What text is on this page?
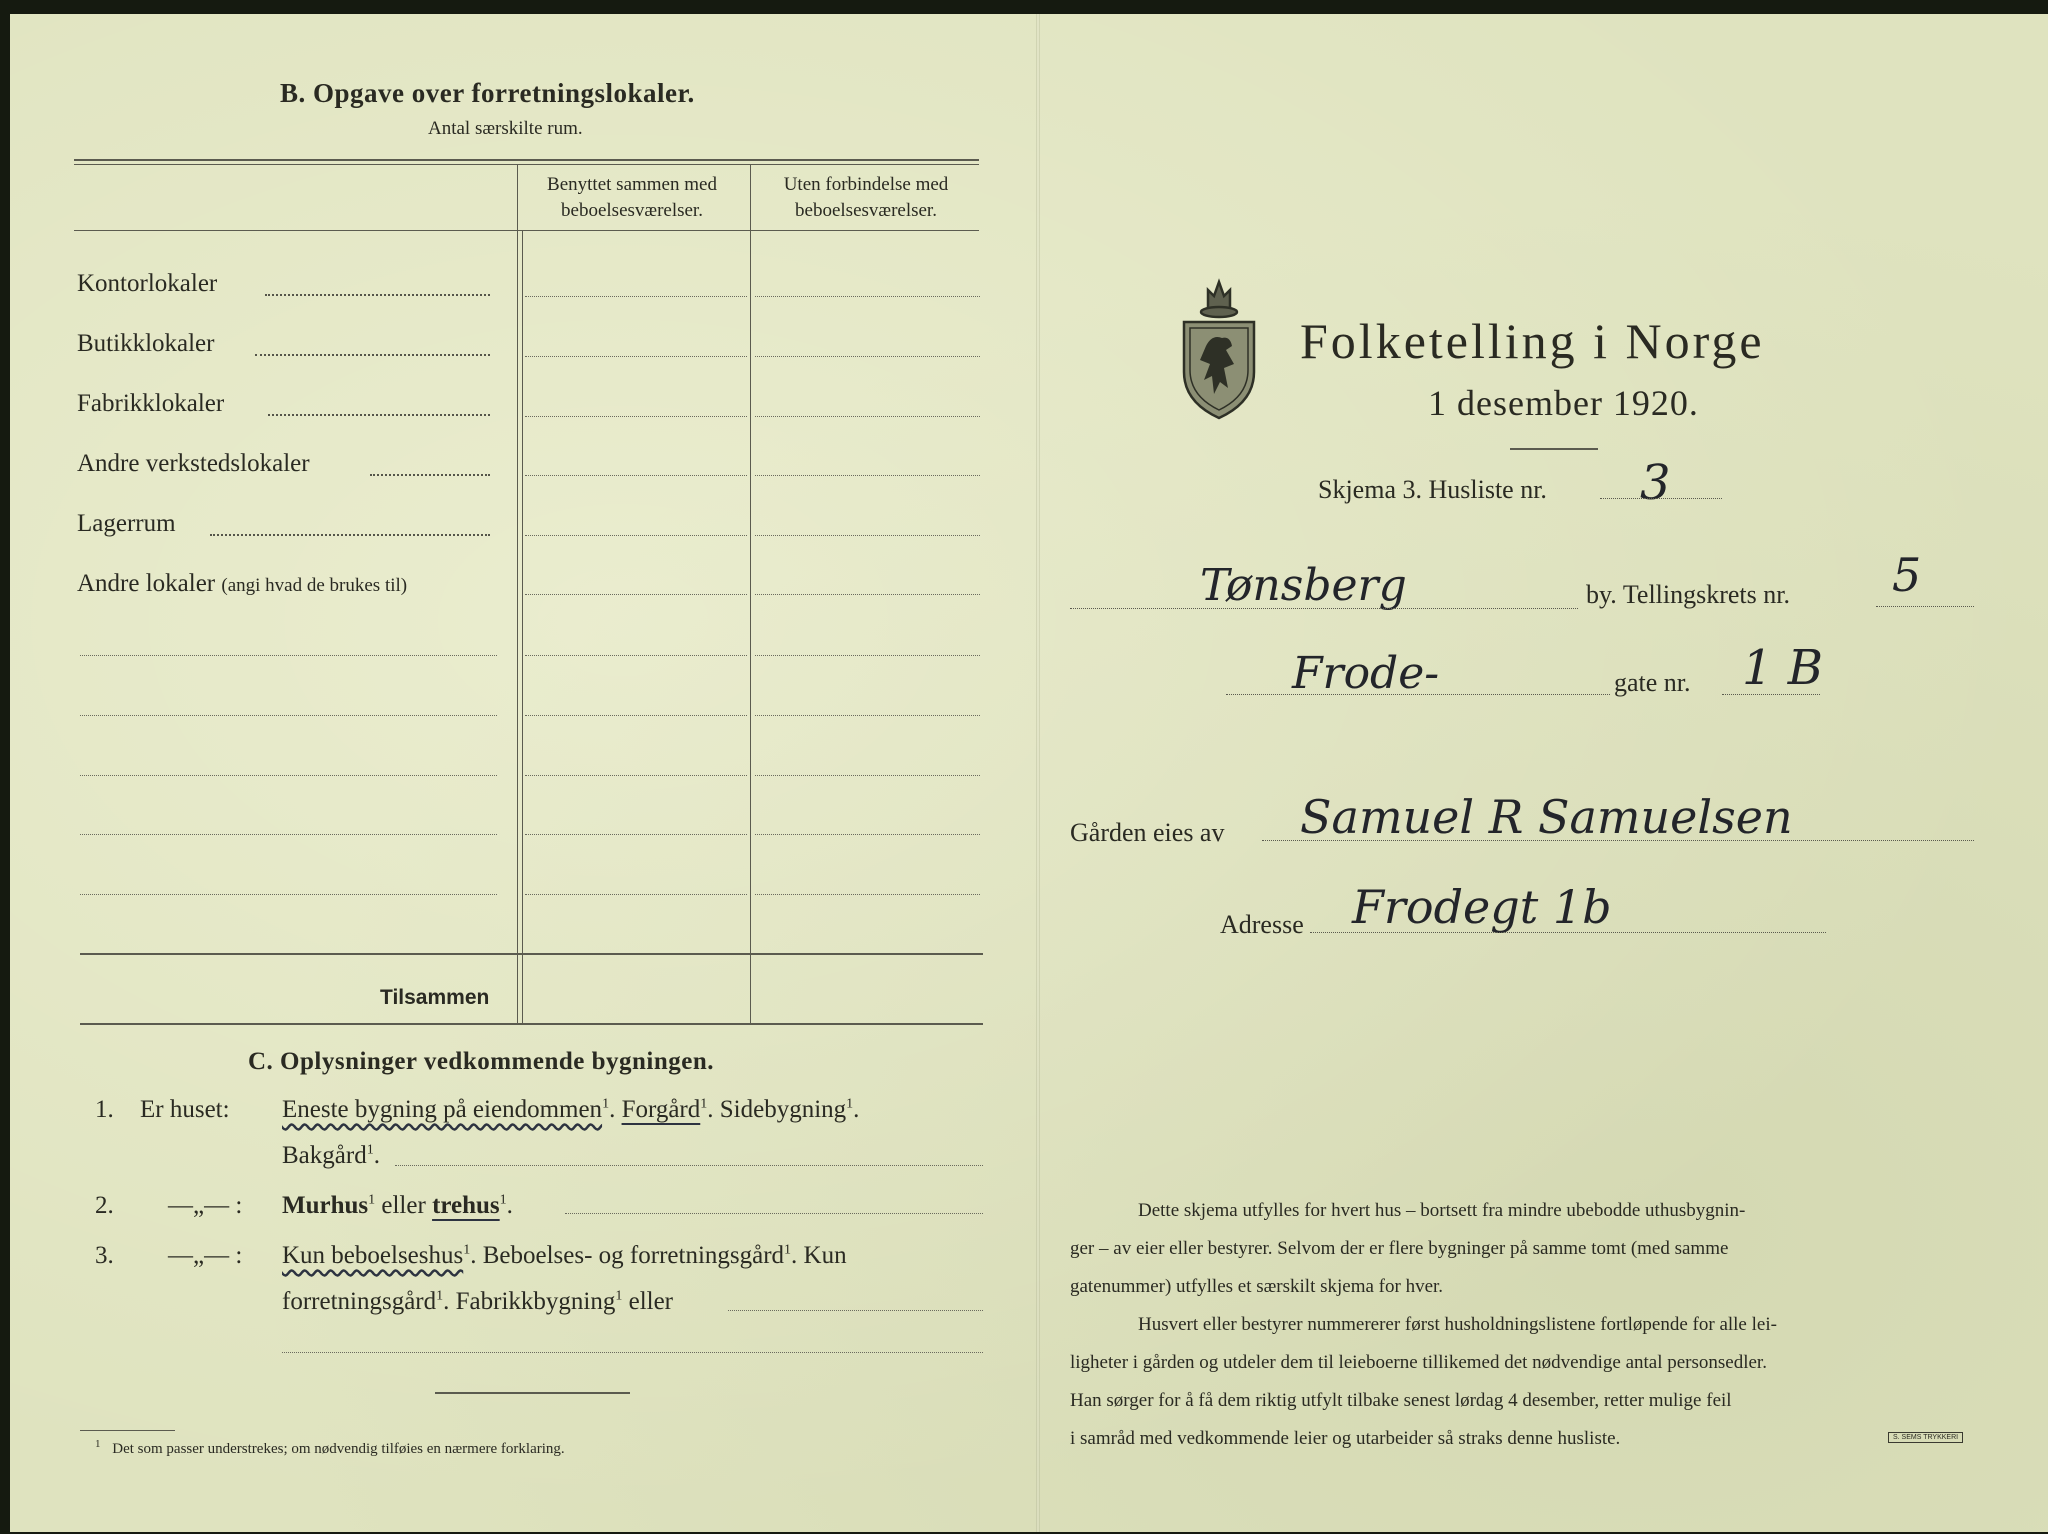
B. Opgave over forretningslokaler.
Antal særskilte rum.
Benyttet sammen med
beboelsesværelser.
Uten forbindelse med
beboelsesværelser.
Kontorlokaler
Butikklokaler
Fabrikklokaler
Andre verkstedslokaler
Lagerrum
Andre lokaler (angi hvad de brukes til)
Tilsammen
C. Oplysninger vedkommende bygningen.
1. Er huset: Eneste bygning på eiendommen$^1$. Forgård$^1$. Sidebygning$^1$.
Bakgård$^1$.
2. —„— : Murhus$^1$ eller trehus$^1$.
3. —„— : Kun beboelseshus$^1$. Beboelses- og forretningsgård$^1$. Kun
forretningsgård$^1$. Fabrikkbygning$^1$ eller
$^1$ Det som passer understrekes; om nødvendig tilføies en nærmere forklaring.
Folketelling i Norge
1 desember 1920.
Skjema 3. Husliste nr. 3
Tønsberg	by. Tellingskrets nr. 5
Frode-	gate nr. 1 B
Gården eies av Samuel R Samuelsen
Adresse Frodegt 1b
Dette skjema utfylles for hvert hus – bortsett fra mindre ubebodde uthusbygnin-
ger – av eier eller bestyrer. Selvom der er flere bygninger på samme tomt (med samme
gatenummer) utfylles et særskilt skjema for hver.
Husvert eller bestyrer nummererer først husholdningslistene fortløpende for alle lei-
ligheter i gården og utdeler dem til leieboerne tillikemed det nødvendige antal personsedler.
Han sørger for å få dem riktig utfylt tilbake senest lørdag 4 desember, retter mulige feil
i samråd med vedkommende leier og utarbeider så straks denne husliste.	S. SEMS TRYKKERI
